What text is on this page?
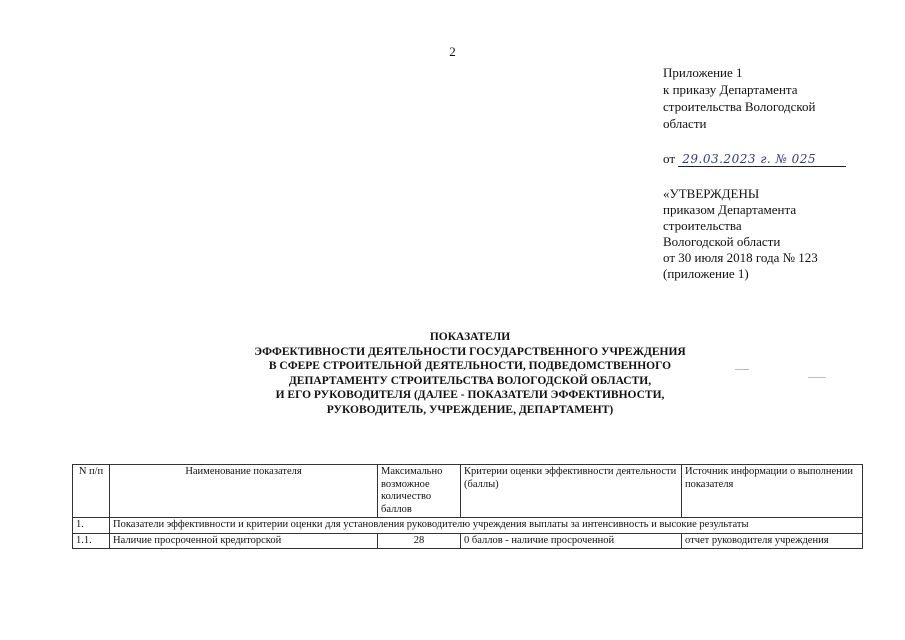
2
Приложение 1
к приказу Департамента
строительства Вологодской
области
от 29.03.2023 г. № 025
«УТВЕРЖДЕНЫ
приказом Департамента
строительства
Вологодской области
от 30 июля 2018 года № 123
(приложение 1)
ПОКАЗАТЕЛИ
ЭФФЕКТИВНОСТИ ДЕЯТЕЛЬНОСТИ ГОСУДАРСТВЕННОГО УЧРЕЖДЕНИЯ
В СФЕРЕ СТРОИТЕЛЬНОЙ ДЕЯТЕЛЬНОСТИ, ПОДВЕДОМСТВЕННОГО
ДЕПАРТАМЕНТУ СТРОИТЕЛЬСТВА ВОЛОГОДСКОЙ ОБЛАСТИ,
И ЕГО РУКОВОДИТЕЛЯ (ДАЛЕЕ - ПОКАЗАТЕЛИ ЭФФЕКТИВНОСТИ,
РУКОВОДИТЕЛЬ, УЧРЕЖДЕНИЕ, ДЕПАРТАМЕНТ)
N п/п	Наименование показателя	Максимально возможное количество баллов	Критерии оценки эффективности деятельности (баллы)	Источник информации о выполнении показателя
1.	Показатели эффективности и критерии оценки для установления руководителю учреждения выплаты за интенсивность и высокие результаты			
1.1.	Наличие просроченной кредиторской	28	0 баллов - наличие просроченной	отчет руководителя учреждения
